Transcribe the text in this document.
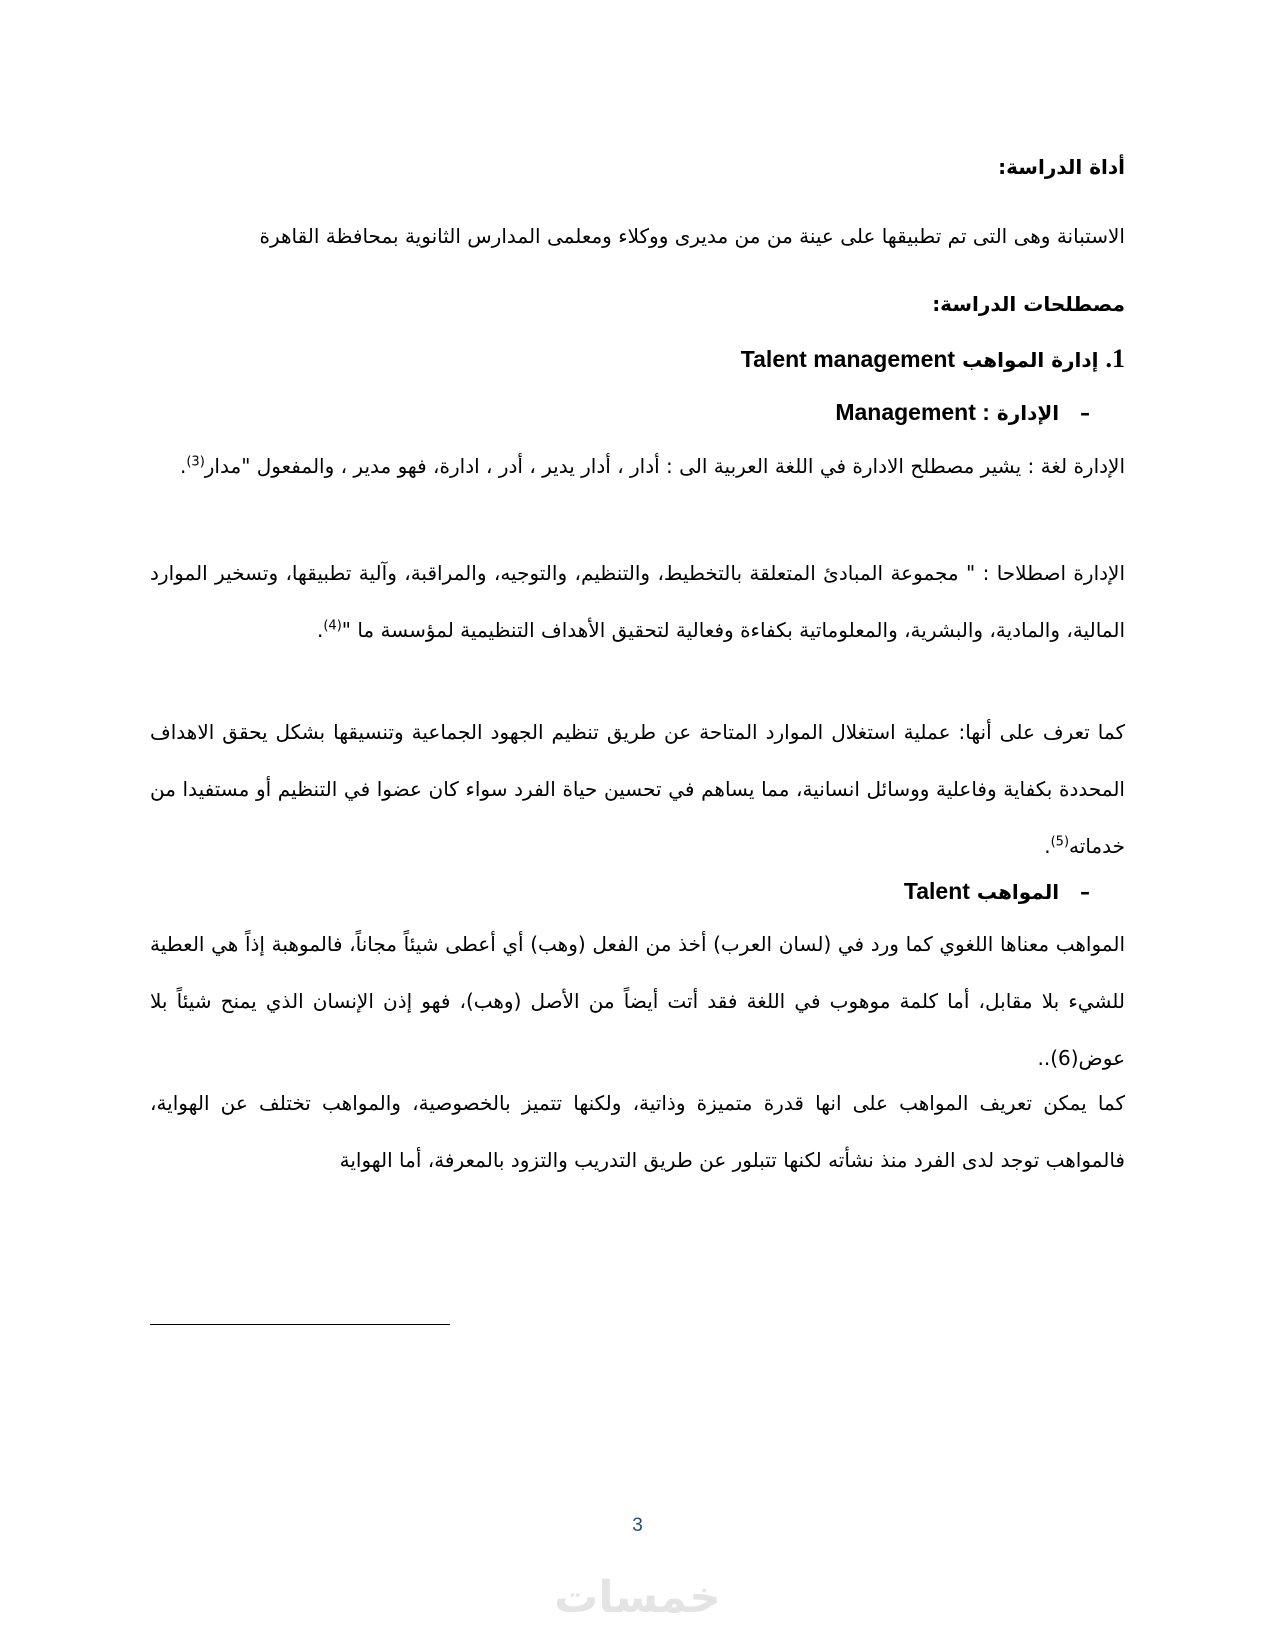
أداة الدراسة:

الاستبانة وهى التى تم تطبيقها على عينة من من مديرى ووكلاء ومعلمى المدارس الثانوية بمحافظة القاهرة

مصطلحات الدراسة:

1. إدارة المواهب Talent management

–   الإدارة Management :

الإدارة لغة : يشير مصطلح الادارة في اللغة العربية الى : أدار ، أدار يدير ، أدر ، ادارة، فهو مدير ، والمفعول "مدار$^{(3)}$.

الإدارة اصطلاحا : " مجموعة المبادئ المتعلقة بالتخطيط، والتنظيم، والتوجيه، والمراقبة، وآلية تطبيقها، وتسخير الموارد المالية، والمادية، والبشرية، والمعلوماتية بكفاءة وفعالية لتحقيق الأهداف التنظيمية لمؤسسة ما "$^{(4)}$.

كما تعرف على أنها: عملية استغلال الموارد المتاحة عن طريق تنظيم الجهود الجماعية وتنسيقها بشكل يحقق الاهداف المحددة بكفاية وفاعلية ووسائل انسانية، مما يساهم في تحسين حياة الفرد سواء كان عضوا في التنظيم أو مستفيدا من خدماته$^{(5)}$.

–   المواهب Talent

المواهب معناها اللغوي كما ورد في (لسان العرب) أخذ من الفعل (وهب) أي أعطى شيئاً مجاناً، فالموهبة إذاً هي العطية للشيء بلا مقابل، أما كلمة موهوب في اللغة فقد أتت أيضاً من الأصل (وهب)، فهو إذن الإنسان الذي يمنح شيئاً بلا عوض(6)..

كما يمكن تعريف المواهب على انها قدرة متميزة وذاتية، ولكنها تتميز بالخصوصية، والمواهب تختلف عن الهواية، فالمواهب توجد لدى الفرد منذ نشأته لكنها تتبلور عن طريق التدريب والتزود بالمعرفة، أما الهواية

3
خمسات
